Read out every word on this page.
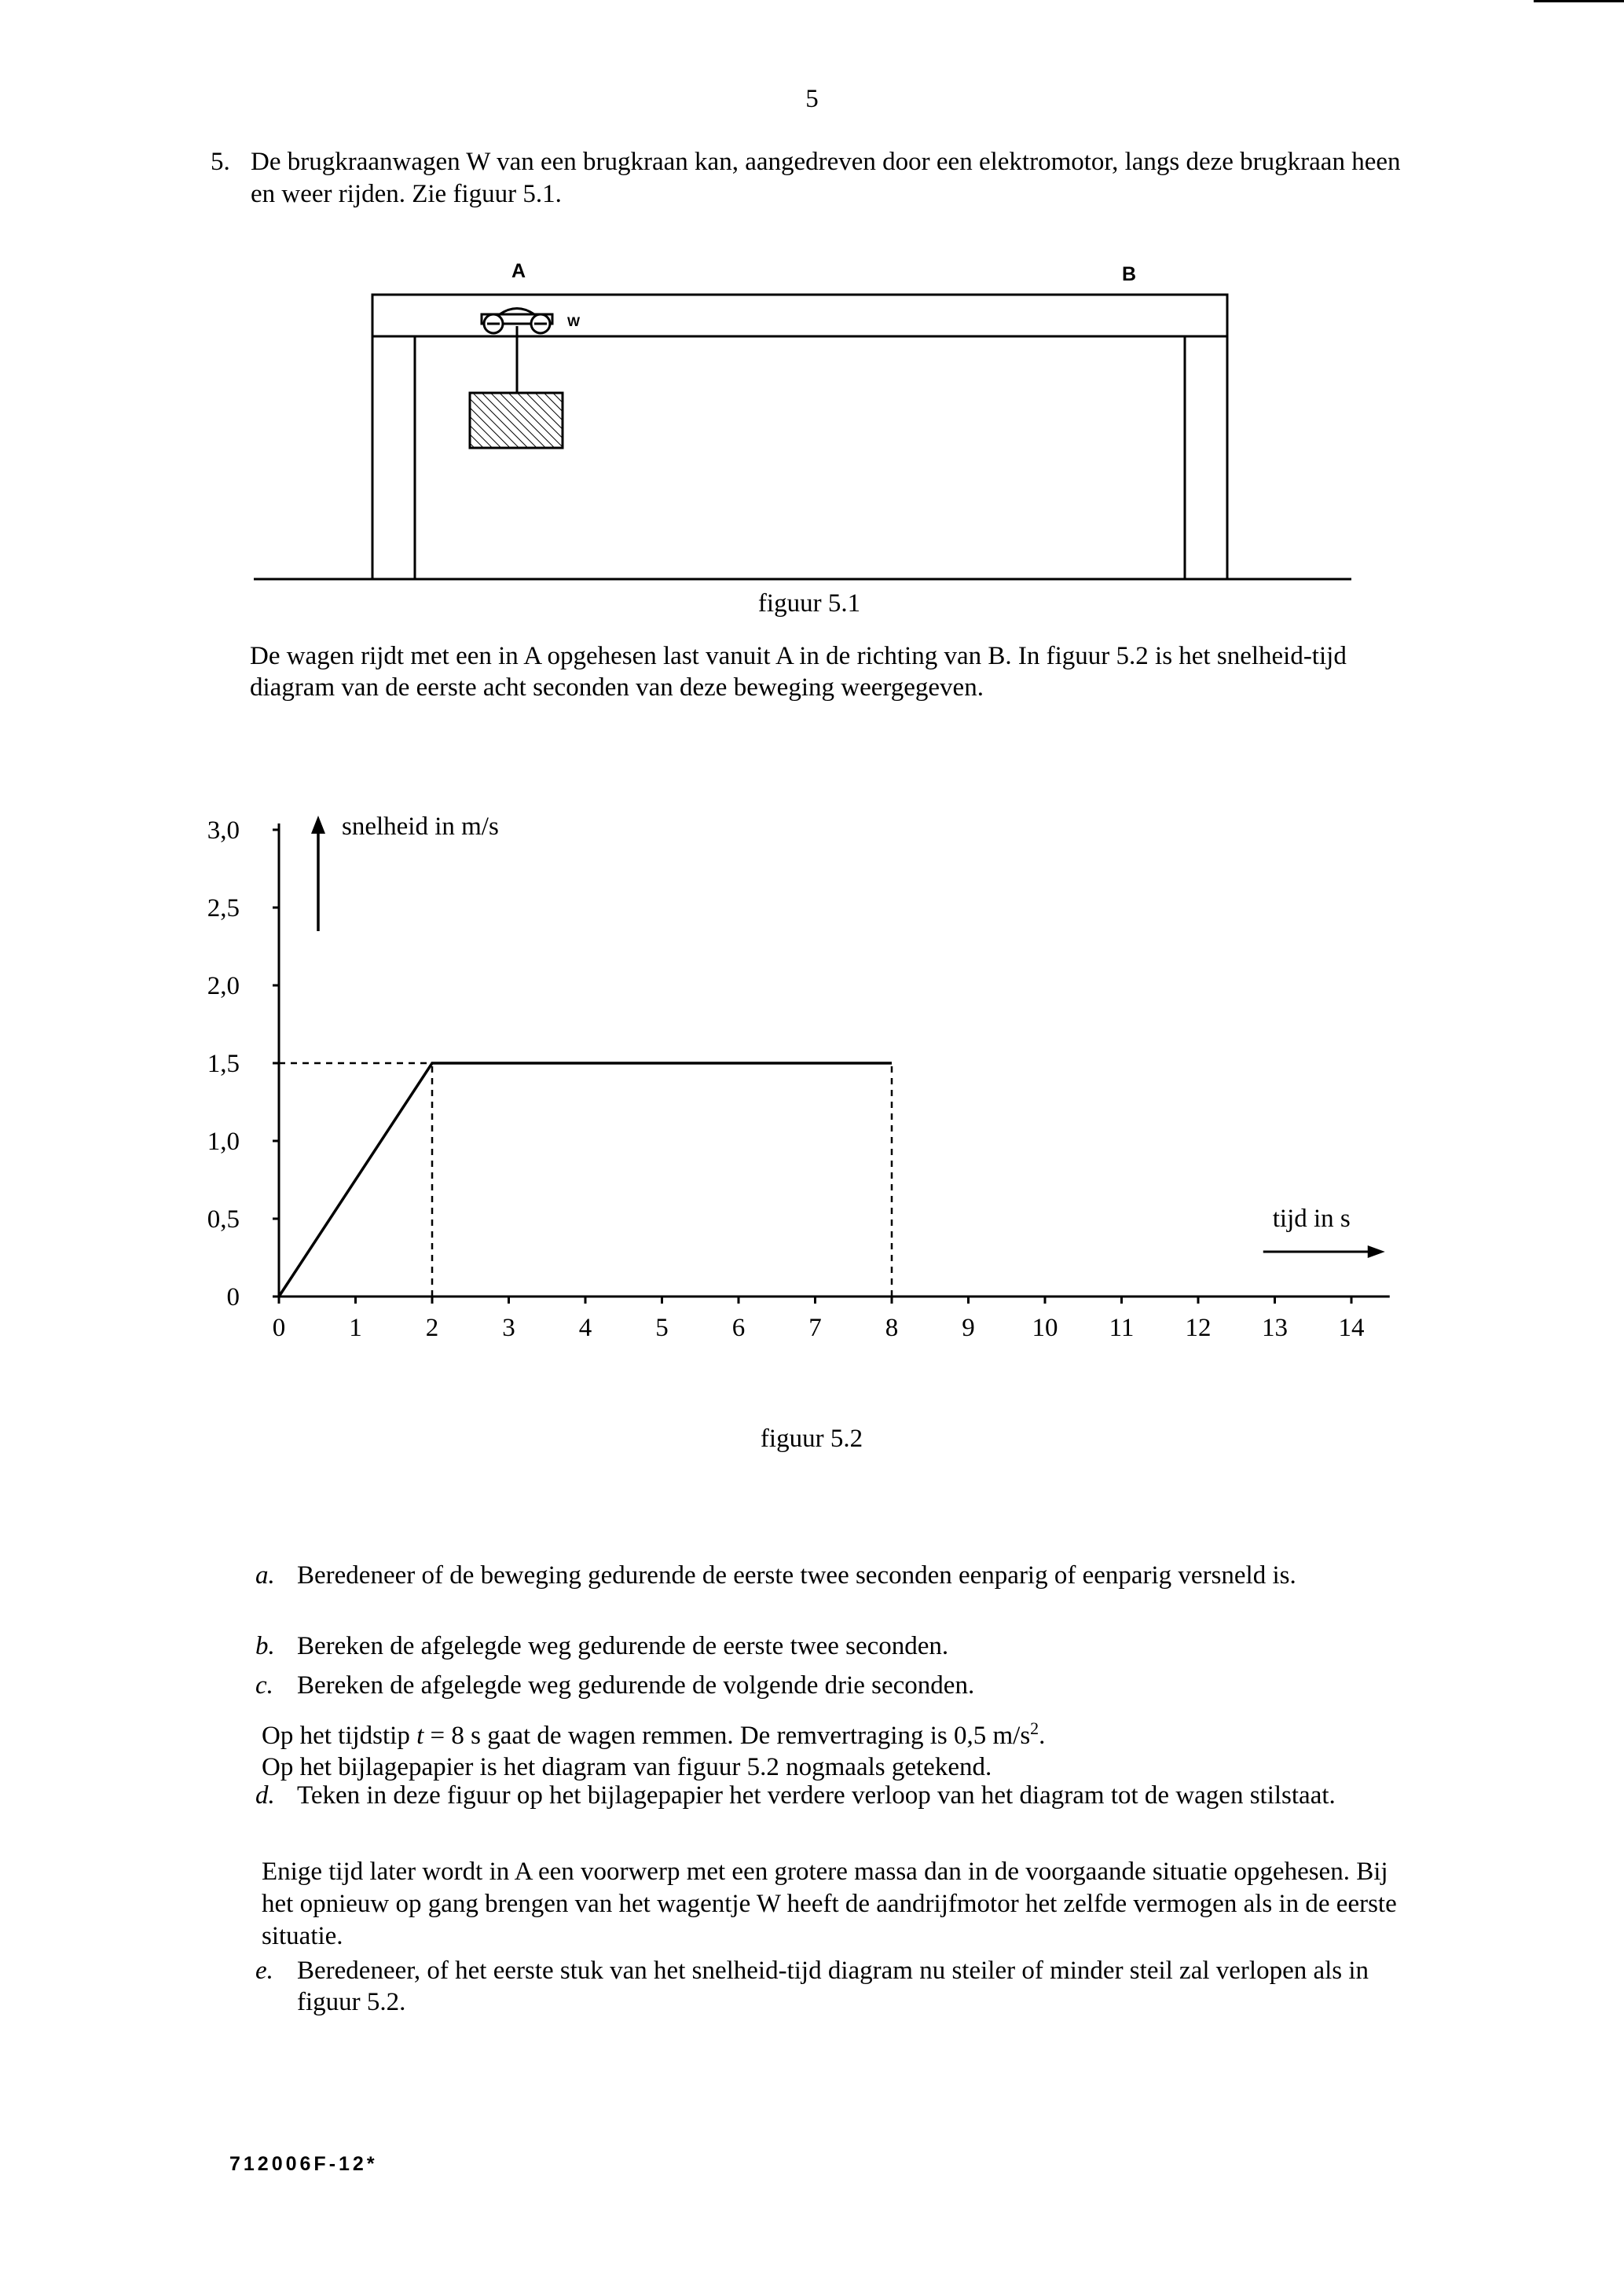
5
5. De brugkraanwagen W van een brugkraan kan, aangedreven door een elektromotor, langs deze brugkraan heen en weer rijden. Zie figuur 5.1.
A	B
W
figuur 5.1
De wagen rijdt met een in A opgehesen last vanuit A in de richting van B. In figuur 5.2 is het snelheid-tijd diagram van de eerste acht seconden van deze beweging weergegeven.
0 1 2 3 4 5 6 7 8 9 10 11 12 13 14
0
0,5
1,0
1,5
2,0
2,5
3,0	snelheid in m/s
tijd in s
figuur 5.2
a. Beredeneer of de beweging gedurende de eerste twee seconden eenparig of eenparig versneld is.
b. Bereken de afgelegde weg gedurende de eerste twee seconden.
c. Bereken de afgelegde weg gedurende de volgende drie seconden.
Op het tijdstip t = 8 s gaat de wagen remmen. De remvertraging is 0,5 $m/s^2$.
Op het bijlagepapier is het diagram van figuur 5.2 nogmaals getekend.
d. Teken in deze figuur op het bijlagepapier het verdere verloop van het diagram tot de wagen stilstaat.
Enige tijd later wordt in A een voorwerp met een grotere massa dan in de voorgaande situatie opgehesen. Bij het opnieuw op gang brengen van het wagentje W heeft de aandrijfmotor het zelfde vermogen als in de eerste situatie.
e. Beredeneer, of het eerste stuk van het snelheid-tijd diagram nu steiler of minder steil zal verlopen als in figuur 5.2.
712006F-12*
